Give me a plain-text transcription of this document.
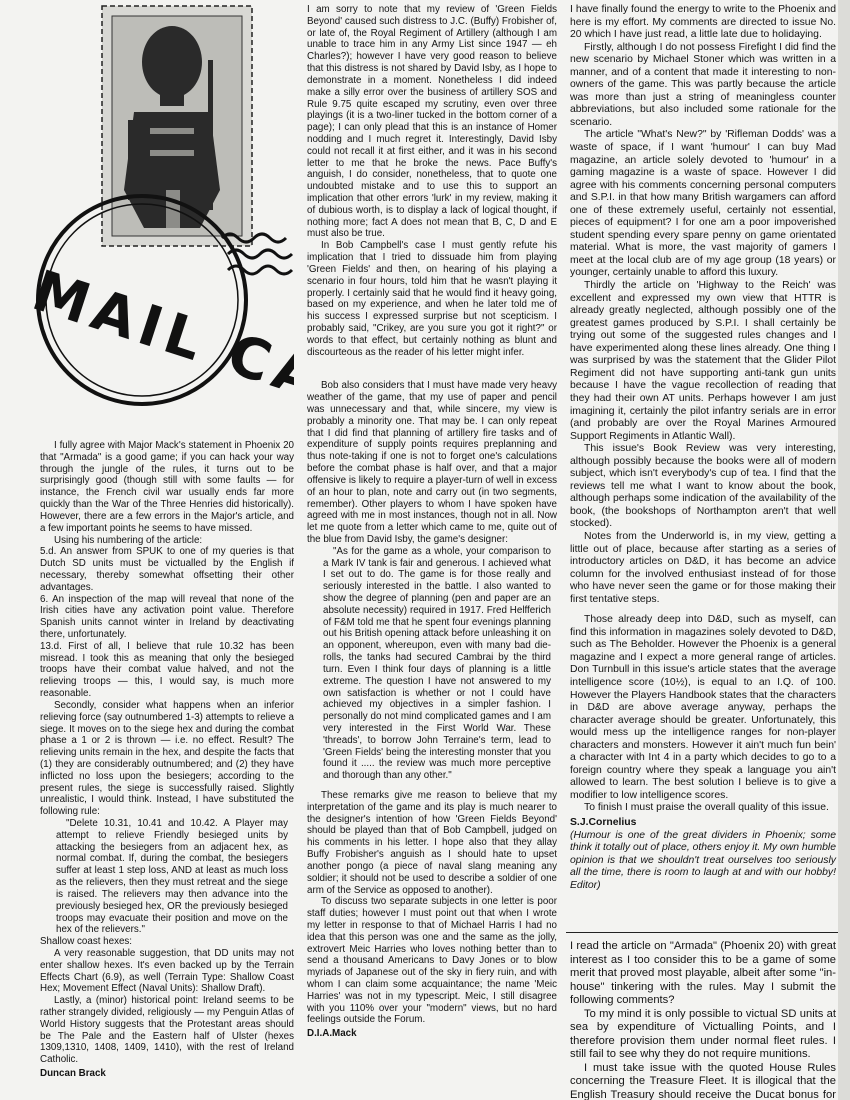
MAIL CALL

I fully agree with Major Mack's statement in Phoenix 20 that "Armada" is a good game; if you can hack your way through the jungle of the rules, it turns out to be surprisingly good (though still with some faults — for instance, the French civil war usually ends far more quickly than the War of the Three Henries did historically). However, there are a few errors in the Major's article, and a few important points he seems to have missed.

Using his numbering of the article:

5.d. An answer from SPUK to one of my queries is that Dutch SD units must be victualled by the English if necessary, thereby somewhat offsetting their other advantages.

6. An inspection of the map will reveal that none of the Irish cities have any activation point value. Therefore Spanish units cannot winter in Ireland by deactivating there, unfortunately.

13.d. First of all, I believe that rule 10.32 has been misread. I took this as meaning that only the besieged troops have their combat value halved, and not the relieving troops — this, I would say, is much more reasonable.

Secondly, consider what happens when an inferior relieving force (say outnumbered 1-3) attempts to relieve a siege. It moves on to the siege hex and during the combat phase a 1 or 2 is thrown — i.e. no effect. Result? The relieving units remain in the hex, and despite the facts that (1) they are considerably outnumbered; and (2) they have inflicted no loss upon the besiegers; according to the present rules, the siege is successfully raised. Slightly unrealistic, I would think. Instead, I have substituted the following rule:

"Delete 10.31, 10.41 and 10.42. A Player may attempt to relieve Friendly besieged units by attacking the besiegers from an adjacent hex, as normal combat. If, during the combat, the besiegers suffer at least 1 step loss, AND at least as much loss as the relievers, then they must retreat and the siege is raised. The relievers may then advance into the previously besieged hex, OR the previously besieged troops may evacuate their position and move on the hex of the relievers."

Shallow coast hexes:

A very reasonable suggestion, that DD units may not enter shallow hexes. It's even backed up by the Terrain Effects Chart (6.9), as well (Terrain Type: Shallow Coast Hex; Movement Effect (Naval Units): Shallow Draft).

Lastly, a (minor) historical point: Ireland seems to be rather strangely divided, religiously — my Penguin Atlas of World History suggests that the Protestant areas should be The Pale and the Eastern half of Ulster (hexes 1309,1310, 1408, 1409, 1410), with the rest of Ireland Catholic.

Duncan Brack

I am sorry to note that my review of 'Green Fields Beyond' caused such distress to J.C. (Buffy) Frobisher of, or late of, the Royal Regiment of Artillery (although I am unable to trace him in any Army List since 1947 — eh Charles?); however I have very good reason to believe that this distress is not shared by David Isby, as I hope to demonstrate in a moment. Nonetheless I did indeed make a silly error over the business of artillery SOS and Rule 9.75 quite escaped my scrutiny, even over three playings (it is a two-liner tucked in the bottom corner of a page); I can only plead that this is an instance of Homer nodding and I much regret it. Interestingly, David Isby could not recall it at first either, and it was in his second letter to me that he broke the news. Pace Buffy's anguish, I do consider, nonetheless, that to quote one undoubted mistake and to use this to support an implication that other errors 'lurk' in my review, making it of dubious worth, is to display a lack of logical thought, if nothing more; fact A does not mean that B, C, D and E must also be true.

In Bob Campbell's case I must gently refute his implication that I tried to dissuade him from playing 'Green Fields' and then, on hearing of his playing a scenario in four hours, told him that he wasn't playing it properly. I certainly said that he would find it heavy going, based on my experience, and when he later told me of his success I expressed surprise but not scepticism. I probably said, "Crikey, are you sure you got it right?" or words to that effect, but certainly nothing as blunt and discourteous as the reader of his letter might infer.

Bob also considers that I must have made very heavy weather of the game, that my use of paper and pencil was unnecessary and that, while sincere, my view is probably a minority one. That may be. I can only repeat that I did find that planning of artillery fire tasks and of expenditure of supply points requires preplanning and thus note-taking if one is not to forget one's calculations before the combat phase is half over, and that a major offensive is likely to require a player-turn of well in excess of an hour to plan, note and carry out (in two segments, remember). Other players to whom I have spoken have agreed with me in most instances, though not in all. Now let me quote from a letter which came to me, quite out of the blue from David Isby, the game's designer:

"As for the game as a whole, your comparison to a Mark IV tank is fair and generous. I achieved what I set out to do. The game is for those really and seriously interested in the battle. I also wanted to show the degree of planning (pen and paper are an absolute necessity) required in 1917. Fred Helfferich of F&M told me that he spent four evenings planning out his British opening attack before unleashing it on an opponent, whereupon, even with many bad die-rolls, the tanks had secured Cambrai by the third turn. Even I think four days of planning is a little extreme. The question I have not answered to my own satisfaction is whether or not I could have achieved my objectives in a simpler fashion. I personally do not mind complicated games and I am very interested in the First World War. These 'threads', to borrow John Terraine's term, lead to 'Green Fields' being the interesting monster that you found it ..... the review was much more perceptive and thorough than any other."

These remarks give me reason to believe that my interpretation of the game and its play is much nearer to the designer's intention of how 'Green Fields Beyond' should be played than that of Bob Campbell, judged on his comments in his letter. I hope also that they allay Buffy Frobisher's anguish as I should hate to upset another pongo (a piece of naval slang meaning any soldier; it should not be used to describe a soldier of one arm of the Service as opposed to another).

To discuss two separate subjects in one letter is poor staff duties; however I must point out that when I wrote my letter in response to that of Michael Harris I had no idea that this person was one and the same as the jolly, extrovert Meic Harries who loves nothing better than to send a thousand Americans to Davy Jones or to blow myriads of Japanese out of the sky in fiery ruin, and with whom I can claim some acquaintance; the name 'Meic Harries' was not in my typescript. Meic, I still disagree with you 110% over your "modern" views, but no hard feelings outside the Forum.

D.I.A.Mack

I have finally found the energy to write to the Phoenix and here is my effort. My comments are directed to issue No. 20 which I have just read, a little late due to holidaying.

Firstly, although I do not possess Firefight I did find the new scenario by Michael Stoner which was written in a manner, and of a content that made it interesting to non-owners of the game. This was partly because the article was more than just a string of meaningless counter abbreviations, but also included some rationale for the scenario.

The article "What's New?" by 'Rifleman Dodds' was a waste of space, if I want 'humour' I can buy Mad magazine, an article solely devoted to 'humour' in a gaming magazine is a waste of space. However I did agree with his comments concerning personal computers and S.P.I. in that how many British wargamers can afford one of these extremely useful, certainly not essential, pieces of equipment? I for one am a poor impoverished student spending every spare penny on game orientated material. What is more, the vast majority of gamers I meet at the local club are of my age group (18 years) or younger, certainly unable to afford this luxury.

Thirdly the article on 'Highway to the Reich' was excellent and expressed my own view that HTTR is already greatly neglected, although possibly one of the greatest games produced by S.P.I. I shall certainly be trying out some of the suggested rules changes and I have experimented along these lines already. One thing I was surprised by was the statement that the Glider Pilot Regiment did not have supporting anti-tank gun units because I have the vague recollection of reading that they had their own AT units. Perhaps however I am just imagining it, certainly the pilot infantry serials are in error (and probably are over the Royal Marines Armoured Support Regiments in Atlantic Wall).

This issue's Book Review was very interesting, although possibly because the books were all of modern subject, which isn't everybody's cup of tea. I find that the reviews tell me what I want to know about the book, although perhaps some indication of the availability of the book, (the bookshops of Northampton aren't that well stocked).

Notes from the Underworld is, in my view, getting a little out of place, because after starting as a series of introductory articles on D&D, it has become an advice column for the involved enthusiast instead of for those who have never seen the game or for those making their first tentative steps.

Those already deep into D&D, such as myself, can find this information in magazines solely devoted to D&D, such as The Beholder. However the Phoenix is a general magazine and I expect a more general range of articles. Don Turnbull in this issue's article states that the average intelligence score (10½), is equal to an I.Q. of 100. However the Players Handbook states that the characters in D&D are above average anyway, perhaps the character average should be greater. Unfortunately, this would mess up the intelligence ranges for non-player characters and monsters. However it ain't much fun bein' a character with Int 4 in a party which decides to go to a foreign country where they speak a language you ain't allowed to learn. The best solution I believe is to give a modifier to low intelligence scores.

To finish I must praise the overall quality of this issue.

S.J.Cornelius

(Humour is one of the great dividers in Phoenix; some think it totally out of place, others enjoy it. My own humble opinion is that we shouldn't treat ourselves too seriously all the time, there is room to laugh at and with our hobby! Editor)

I read the article on "Armada" (Phoenix 20) with great interest as I too consider this to be a game of some merit that proved most playable, albeit after some "in-house" tinkering with the rules. May I submit the following comments?

To my mind it is only possible to victual SD units at sea by expenditure of Victualling Points, and I therefore provision them under normal fleet rules. I still fail to see why they do not require munitions.

I must take issue with the quoted House Rules concerning the Treasure Fleet. It is illogical that the English Treasury should receive the Ducat bonus for
